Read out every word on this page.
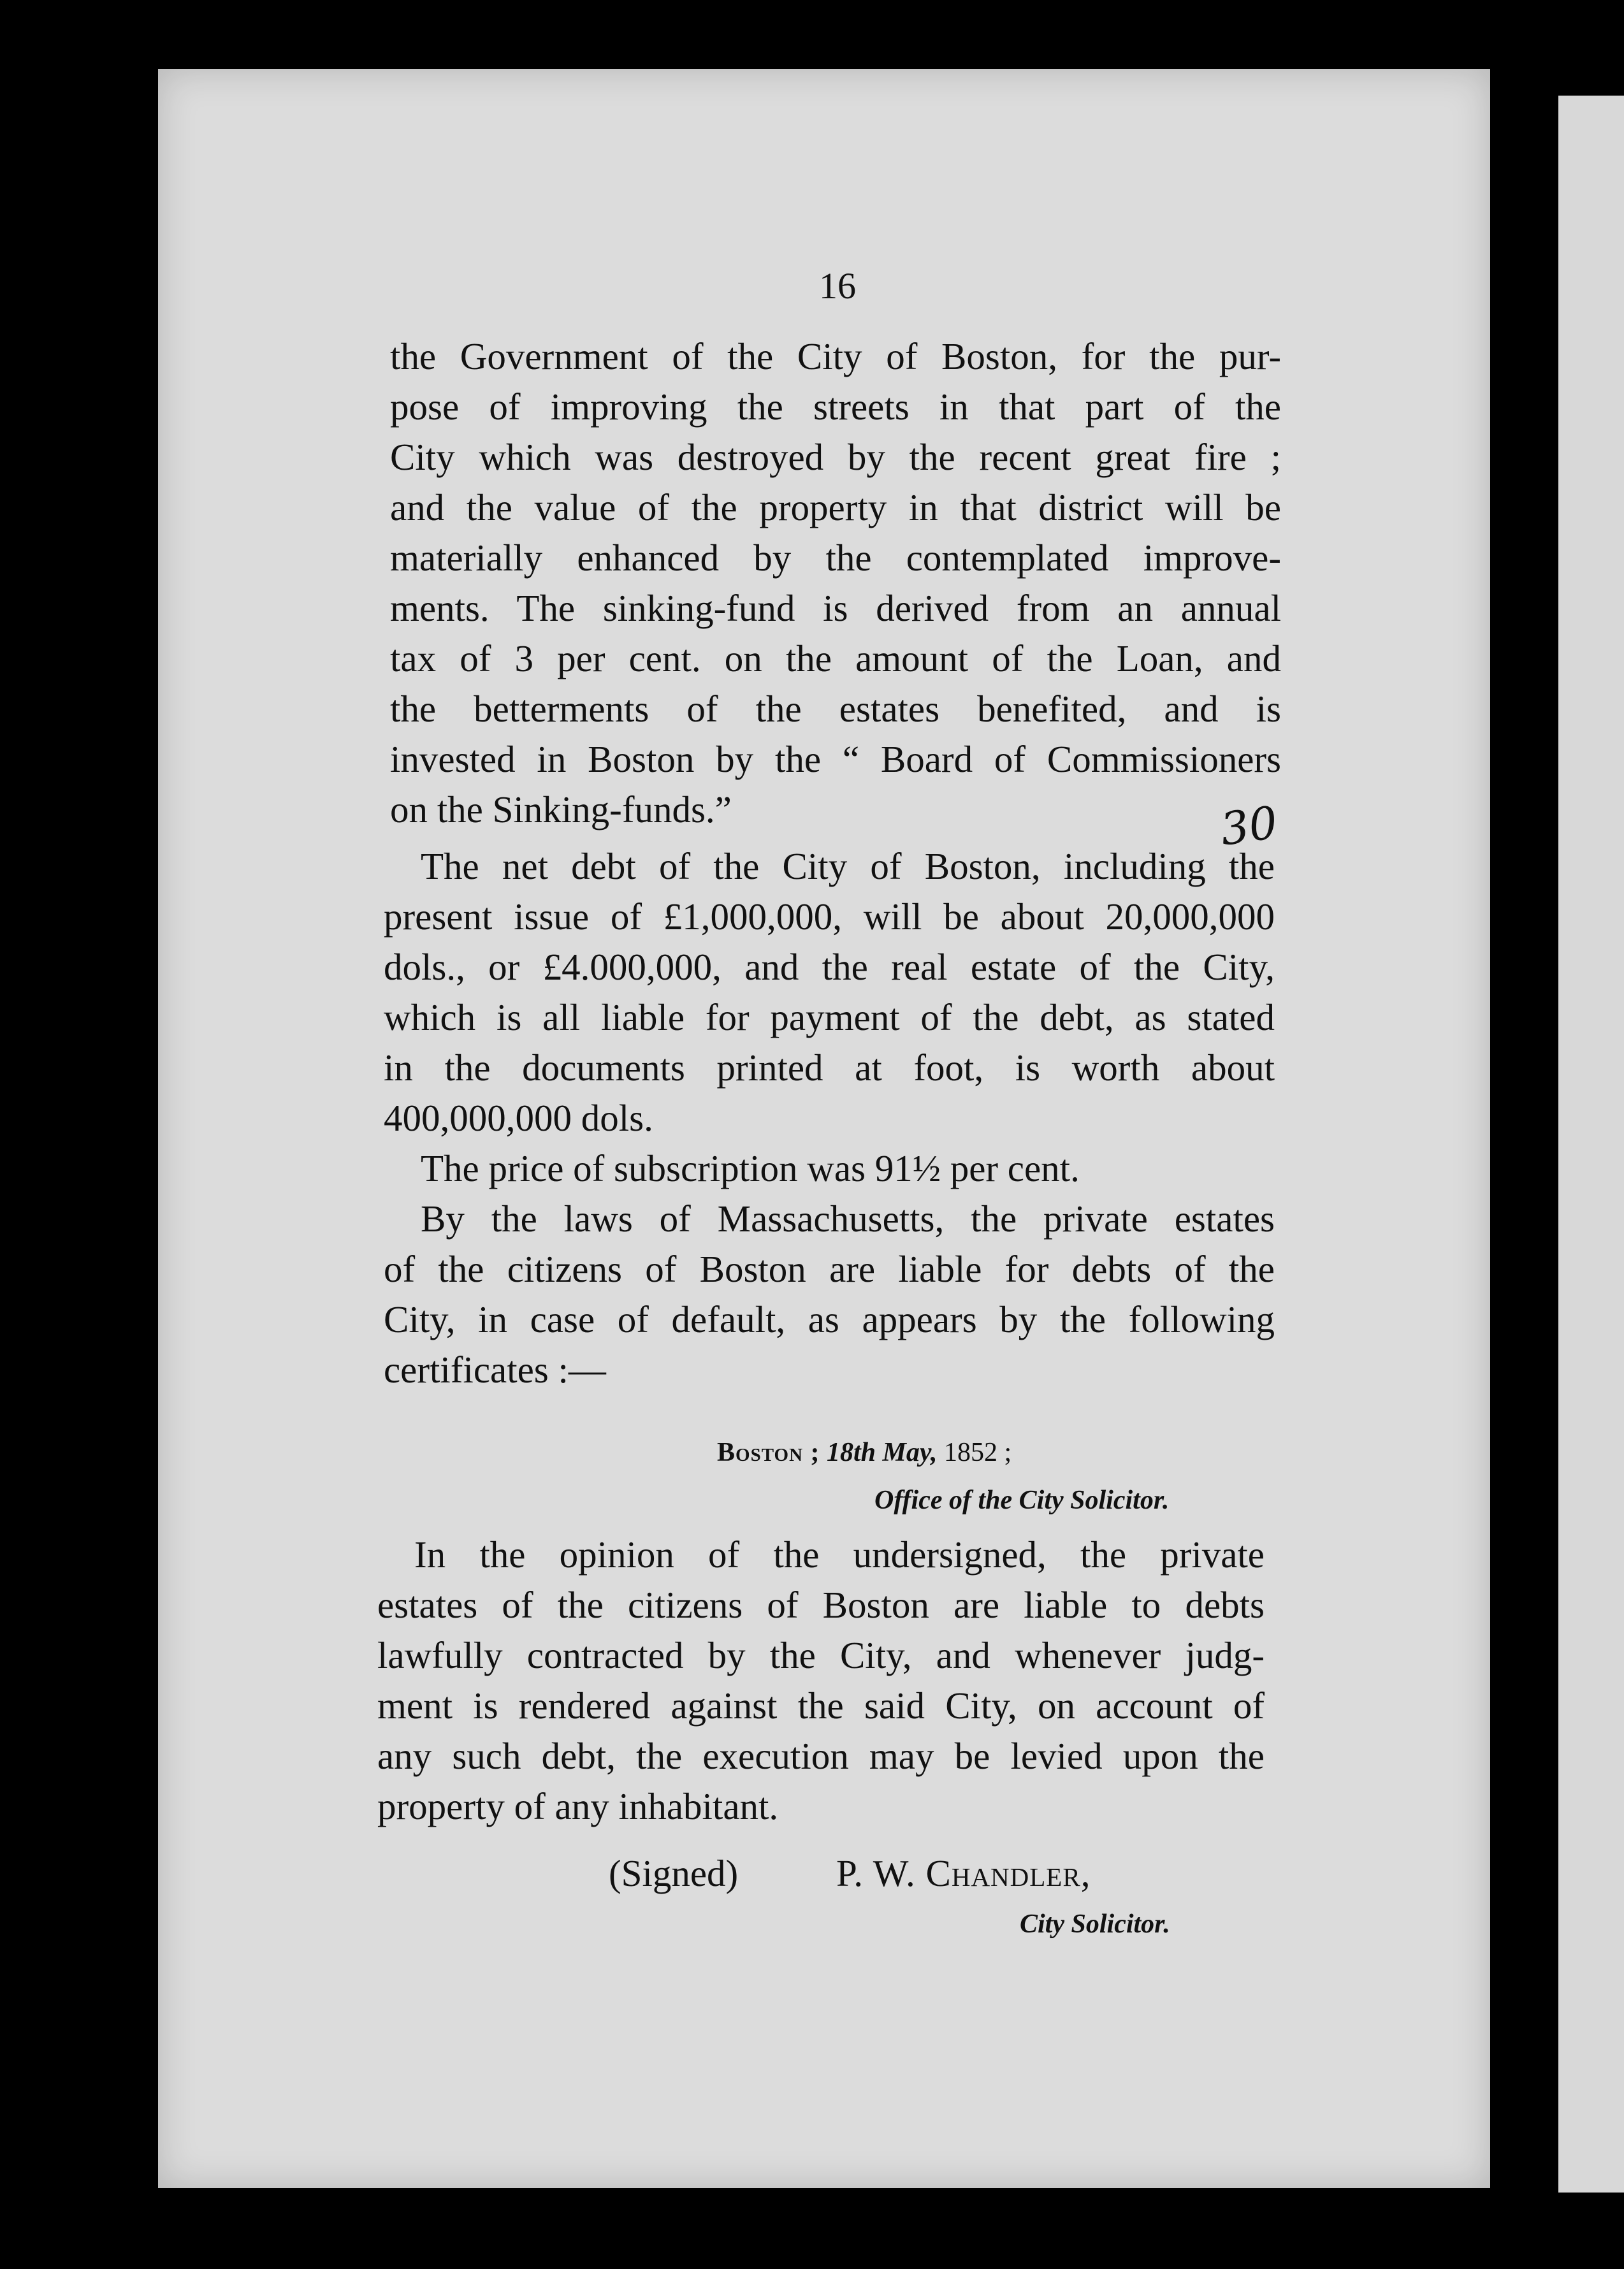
16
the Government of the City of Boston, for the pur-
pose of improving the streets in that part of the
City which was destroyed by the recent great fire ;
and the value of the property in that district will be
materially enhanced by the contemplated improve-
ments. The sinking-fund is derived from an annual
tax of 3 per cent. on the amount of the Loan, and
the betterments of the estates benefited, and is
invested in Boston by the “ Board of Commissioners
on the Sinking-funds.”	30
The net debt of the City of Boston, including the
present issue of £1,000,000, will be about 20,000,000
dols., or £4.000,000, and the real estate of the City,
which is all liable for payment of the debt, as stated
in the documents printed at foot, is worth about
400,000,000 dols.
The price of subscription was 91½ per cent.
By the laws of Massachusetts, the private estates
of the citizens of Boston are liable for debts of the
City, in case of default, as appears by the following
certificates :—
Boston ; 18th May, 1852 ;
Office of the City Solicitor.
In the opinion of the undersigned, the private
estates of the citizens of Boston are liable to debts
lawfully contracted by the City, and whenever judg-
ment is rendered against the said City, on account of
any such debt, the execution may be levied upon the
property of any inhabitant.
(Signed)	P. W. Chandler,
City Solicitor.
